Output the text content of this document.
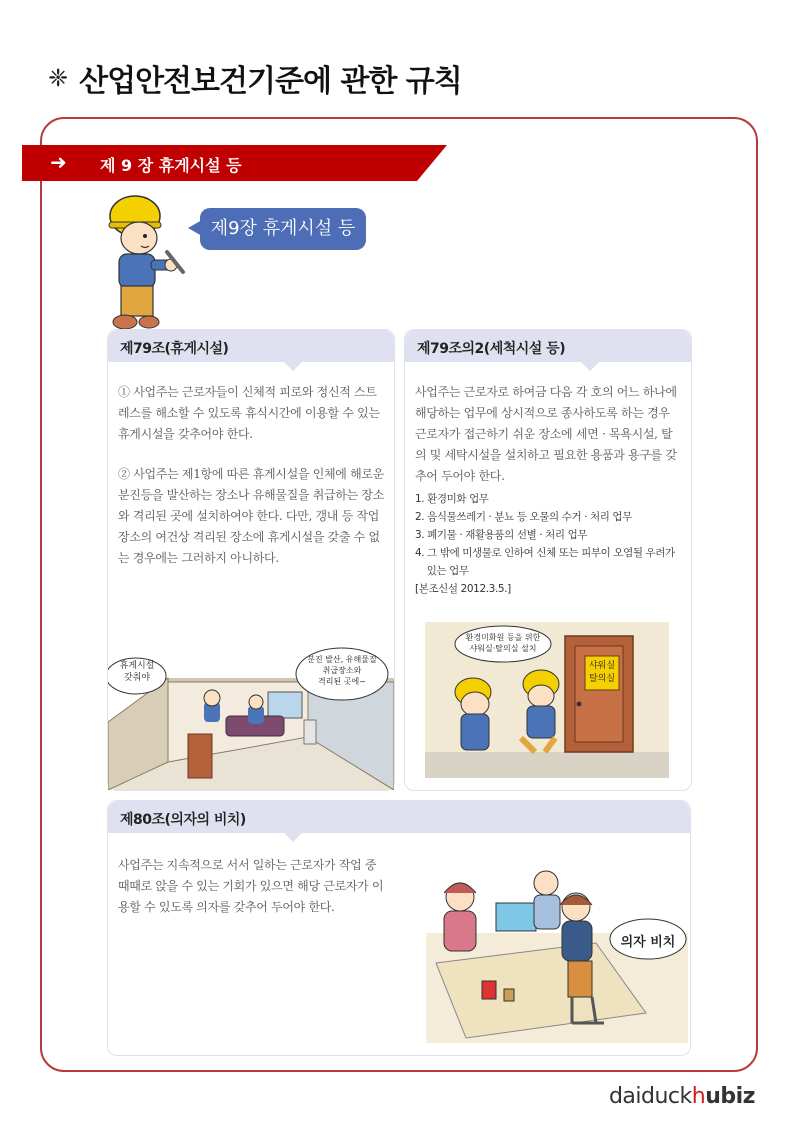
❈ 산업안전보건기준에 관한 규칙
➜ 제 9 장 휴게시설 등
제9장 휴게시설 등
제79조(휴게시설)
① 사업주는 근로자들이 신체적 피로와 정신적 스트레스를 해소할 수 있도록 휴식시간에 이용할 수 있는 휴게시설을 갖추어야 한다.
② 사업주는 제1항에 따른 휴게시설을 인체에 해로운 분진등을 발산하는 장소나 유해물질을 취급하는 장소와 격리된 곳에 설치하여야 한다. 다만, 갱내 등 작업장소의 여건상 격리된 장소에 휴게시설을 갖출 수 없는 경우에는 그러하지 아니하다.
휴게시설
갖춰야
분진 발산, 유해물질
취급장소와
격리된 곳에~
제79조의2(세척시설 등)
사업주는 근로자로 하여금 다음 각 호의 어느 하나에 해당하는 업무에 상시적으로 종사하도록 하는 경우 근로자가 접근하기 쉬운 장소에 세면 · 목욕시설, 탈의 및 세탁시설을 설치하고 필요한 용품과 용구를 갖추어 두어야 한다.
1. 환경미화 업무
2. 음식물쓰레기 · 분뇨 등 오물의 수거 · 처리 업무
3. 폐기물 · 재활용품의 선별 · 처리 업무
4. 그 밖에 미생물로 인하여 신체 또는 피부이 오염될 우려가
있는 업무
[본조신설 2012.3.5.]
환경미화원 등을 위한
샤워실·탈의실 설치
샤워실
탈의실
제80조(의자의 비치)
사업주는 지속적으로 서서 일하는 근로자가 작업 중 때때로 앉을 수 있는 기회가 있으면 해당 근로자가 이용할 수 있도록 의자를 갖추어 두어야 한다.
의자 비치
daiduckhubiz
